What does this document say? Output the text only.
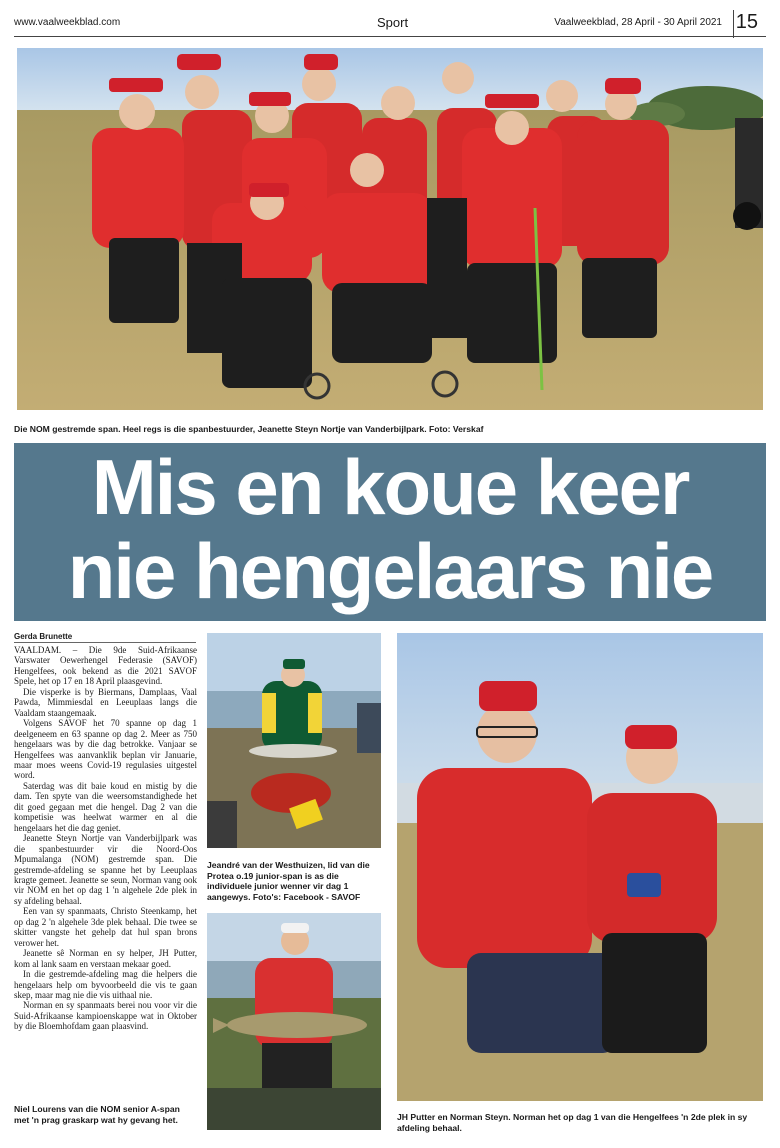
www.vaalweekblad.com	Sport	Vaalweekblad, 28 April - 30 April 2021 15
Die NOM gestremde span. Heel regs is die spanbestuurder, Jeanette Steyn Nortje van Vanderbijlpark. Foto: Verskaf
Mis en koue keer
nie hengelaars nie
Gerda Brunette

VAALDAM. – Die 9de Suid-Afrikaanse Varswater Oewerhengel Federasie (SAVOF) Hengelfees, ook bekend as die 2021 SAVOF Spele, het op 17 en 18 April plaasgevind.

Die visperke is by Biermans, Damplaas, Vaal Pawda, Mimmiesdal en Leeuplaas langs die Vaaldam staangemaak.

Volgens SAVOF het 70 spanne op dag 1 deelgeneem en 63 spanne op dag 2. Meer as 750 hengelaars was by die dag betrokke. Vanjaar se Hengelfees was aanvanklik beplan vir Januarie, maar moes weens Covid-19 regulasies uitgestel word.

Saterdag was dit baie koud en mistig by die dam. Ten spyte van die weersomstandighede het dit goed gegaan met die hengel. Dag 2 van die kompetisie was heelwat warmer en al die hengelaars het die dag geniet.

Jeanette Steyn Nortje van Vanderbijlpark was die spanbestuurder vir die Noord-Oos Mpumalanga (NOM) gestremde span. Die gestremde-afdeling se spanne het by Leeuplaas kragte gemeet. Jeanette se seun, Norman vang ook vir NOM en het op dag 1 'n algehele 2de plek in sy afdeling behaal.

Een van sy spanmaats, Christo Steenkamp, het op dag 2 'n algehele 3de plek behaal. Die twee se skitter vangste het gehelp dat hul span brons verower het.

Jeanette sê Norman en sy helper, JH Putter, kom al lank saam en verstaan mekaar goed.

In die gestremde-afdeling mag die helpers die hengelaars help om byvoorbeeld die vis te gaan skep, maar mag nie die vis uithaal nie.

Norman en sy spanmaats berei nou voor vir die Suid-Afrikaanse kampioenskappe wat in Oktober by die Bloemhofdam gaan plaasvind.

Niel Lourens van die NOM senior A-span met 'n prag graskarp wat hy gevang het.
Jeandré van der Westhuizen, lid van die Protea o.19 junior-span is as die individuele junior wenner vir dag 1 aangewys. Foto's: Facebook - SAVOF
JH Putter en Norman Steyn. Norman het op dag 1 van die Hengelfees 'n 2de plek in sy afdeling behaal.
